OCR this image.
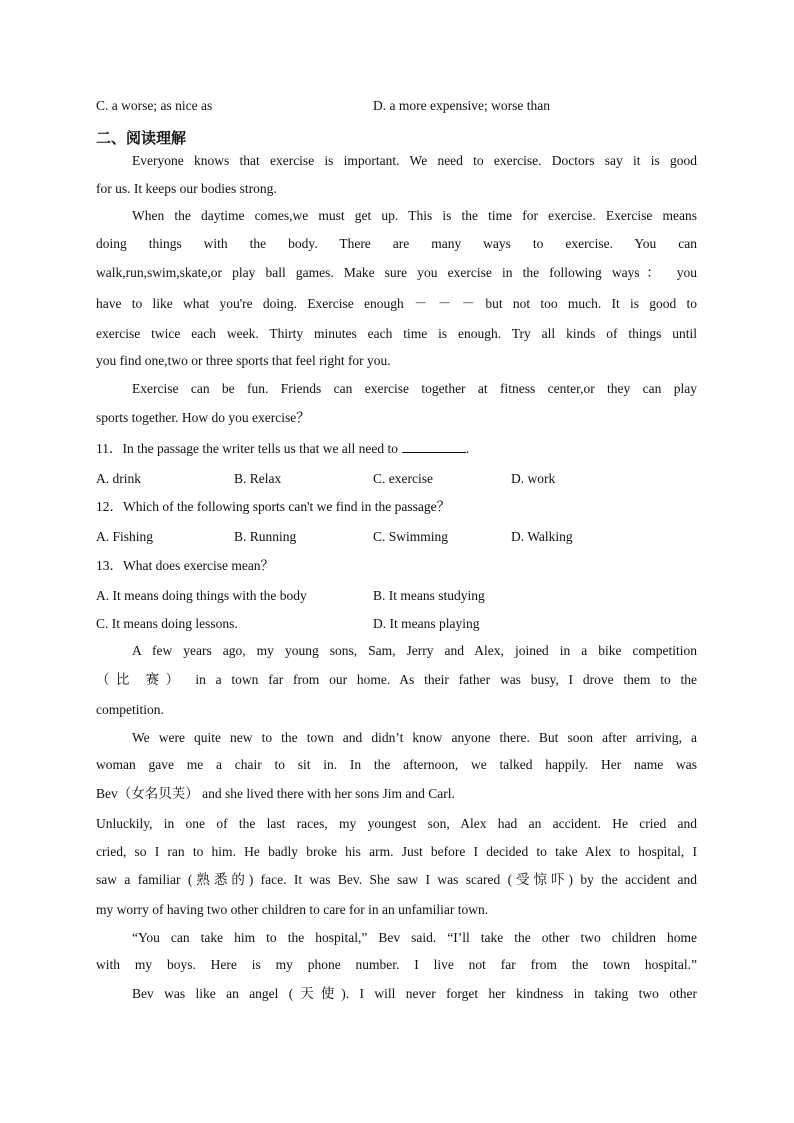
C. a worse; as nice as	D. a more expensive; worse than
二、阅读理解
Everyone knows that exercise is important. We need to exercise. Doctors say it is good
for us. It keeps our bodies strong.
When the daytime comes,we must get up. This is the time for exercise. Exercise means
doing things with the body. There are many ways to exercise. You can
walk,run,swim,skate,or play ball games. Make sure you exercise in the following ways： you
have to like what you're doing. Exercise enough － － － but not too much. It is good to
exercise twice each week. Thirty minutes each time is enough. Try all kinds of things until
you find one,two or three sports that feel right for you.
Exercise can be fun. Friends can exercise together at fitness center,or they can play
sports together. How do you exercise？
11．In the passage the writer tells us that we all need to	.
A. drink	B. Relax	C. exercise	D. work
12．Which of the following sports can't we find in the passage？
A. Fishing	B. Running	C. Swimming	D. Walking
13．What does exercise mean？
A. It means doing things with the body	B. It means studying
C. It means doing lessons.	D. It means playing
A few years ago, my young sons, Sam, Jerry and Alex, joined in a bike competition
（比 赛） in a town far from our home. As their father was busy, I drove them to the
competition.
We were quite new to the town and didn’t know anyone there. But soon after arriving, a
woman gave me a chair to sit in. In the afternoon, we talked happily. Her name was
Bev（女名贝芙） and she lived there with her sons Jim and Carl.
Unluckily, in one of the last races, my youngest son, Alex had an accident. He cried and
cried, so I ran to him. He badly broke his arm. Just before I decided to take Alex to hospital, I
saw a familiar (熟悉的) face. It was Bev. She saw I was scared (受惊吓) by the accident and
my worry of having two other children to care for in an unfamiliar town.
“You can take him to the hospital,” Bev said. “I’ll take the other two children home
with my boys. Here is my phone number. I live not far from the town hospital.”
Bev was like an angel (天使). I will never forget her kindness in taking two other
